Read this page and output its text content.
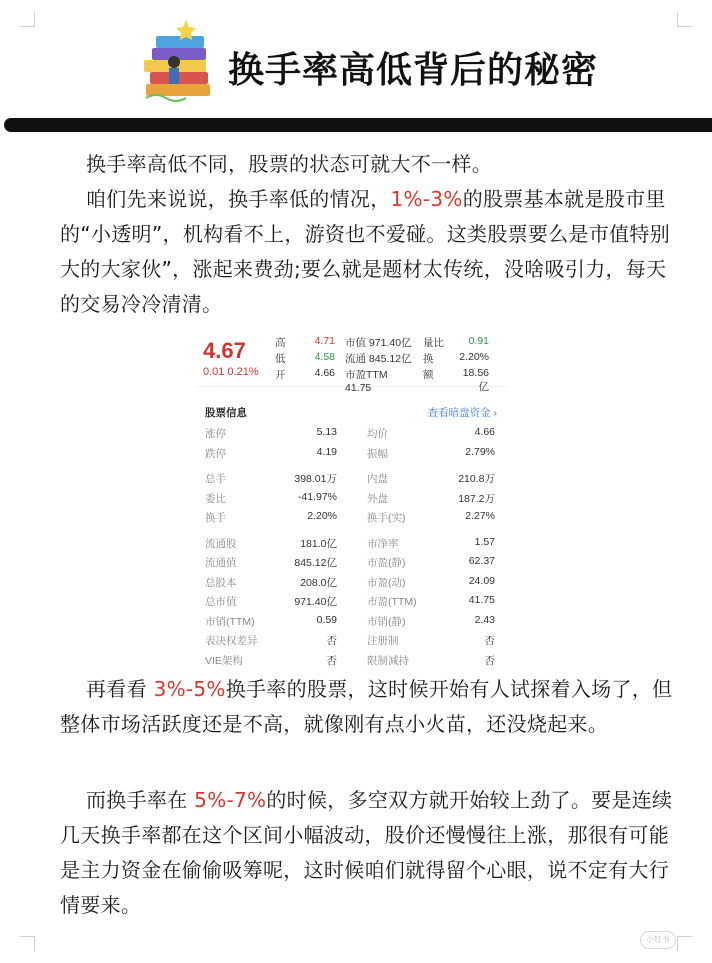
换手率高低背后的秘密

换手率高低不同，股票的状态可就大不一样。

咱们先来说说，换手率低的情况，1%-3%的股票基本就是股市里的“小透明”，机构看不上，游资也不爱碰。这类股票要么是市值特别大的大家伙”，涨起来费劲;要么就是题材太传统，没啥吸引力，每天的交易冷冷清清。

4.67
0.01 0.21%
高	4.71 市值 971.40亿	量比	0.91
低	4.58 流通 845.12亿	换	2.20%
开	4.66 市盈TTM 41.75
额	18.56亿
股票信息	查看暗盘资金 ›
涨停	5.13	均价	4.66
跌停	4.19	振幅	2.79%
总手	398.01万	内盘	210.8万
委比	-41.97%	外盘	187.2万
换手	2.20%	换手(实)	2.27%
流通股	181.0亿	市净率	1.57
流通值	845.12亿	市盈(静)	62.37
总股本	208.0亿	市盈(动)	24.09
总市值	971.40亿	市盈(TTM)	41.75
市销(TTM)	0.59	市销(静)	2.43
表决权差异	否	注册制	否
VIE架构	否	限制减持	否

再看看 3%-5%换手率的股票，这时候开始有人试探着入场了，但整体市场活跃度还是不高，就像刚有点小火苗，还没烧起来。

而换手率在 5%-7%的时候，多空双方就开始较上劲了。要是连续几天换手率都在这个区间小幅波动，股价还慢慢往上涨，那很有可能是主力资金在偷偷吸筹呢，这时候咱们就得留个心眼，说不定有大行情要来。

小红书
